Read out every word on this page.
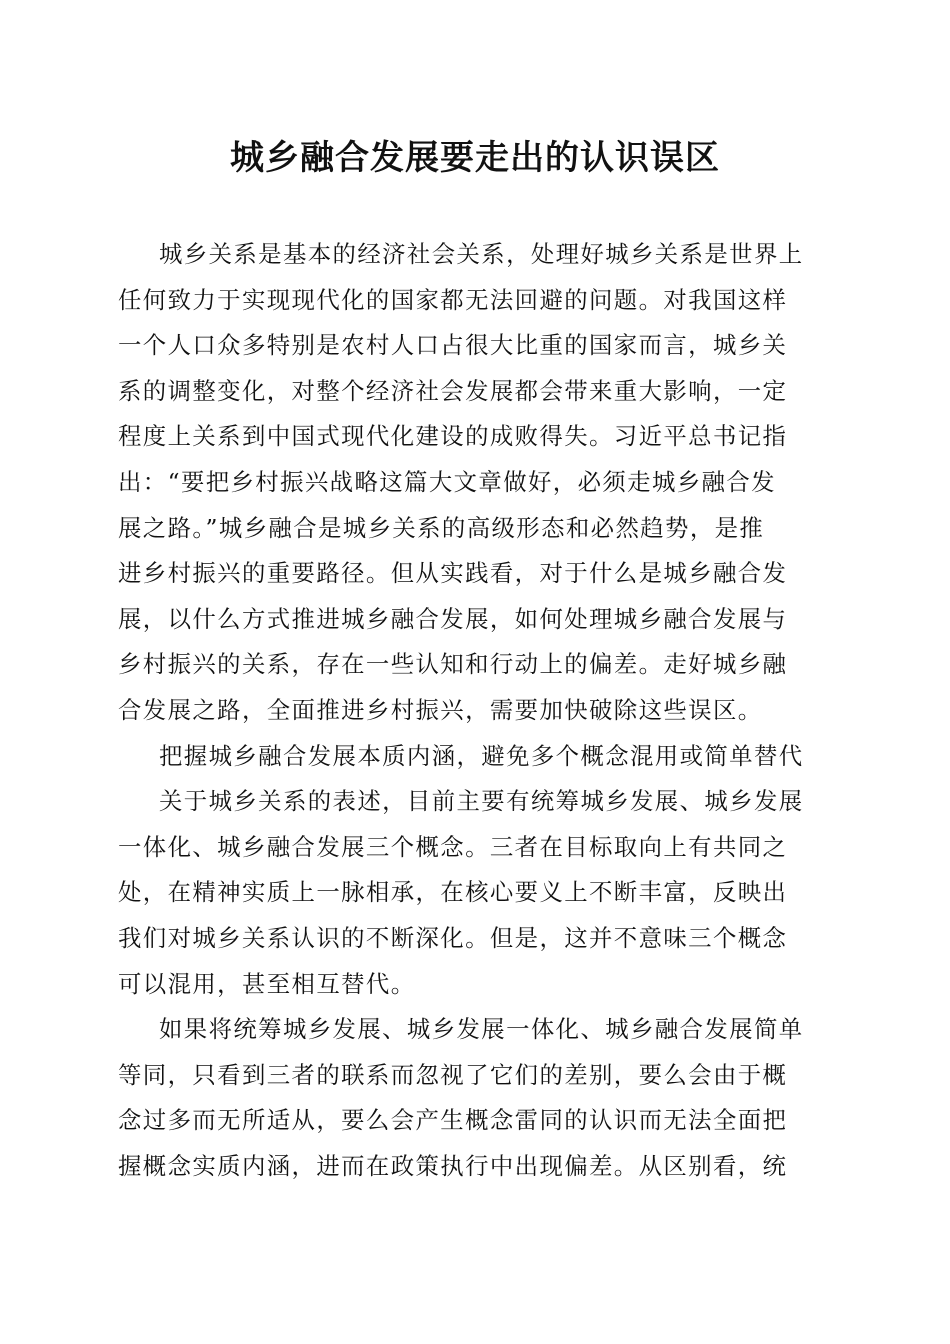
城乡融合发展要走出的认识误区
城乡关系是基本的经济社会关系，处理好城乡关系是世界上
任何致力于实现现代化的国家都无法回避的问题。对我国这样
一个人口众多特别是农村人口占很大比重的国家而言，城乡关
系的调整变化，对整个经济社会发展都会带来重大影响，一定
程度上关系到中国式现代化建设的成败得失。习近平总书记指
出：“要把乡村振兴战略这篇大文章做好，必须走城乡融合发
展之路。”城乡融合是城乡关系的高级形态和必然趋势，是推
进乡村振兴的重要路径。但从实践看，对于什么是城乡融合发
展，以什么方式推进城乡融合发展，如何处理城乡融合发展与
乡村振兴的关系，存在一些认知和行动上的偏差。走好城乡融
合发展之路，全面推进乡村振兴，需要加快破除这些误区。
把握城乡融合发展本质内涵，避免多个概念混用或简单替代
关于城乡关系的表述，目前主要有统筹城乡发展、城乡发展
一体化、城乡融合发展三个概念。三者在目标取向上有共同之
处，在精神实质上一脉相承，在核心要义上不断丰富，反映出
我们对城乡关系认识的不断深化。但是，这并不意味三个概念
可以混用，甚至相互替代。
如果将统筹城乡发展、城乡发展一体化、城乡融合发展简单
等同，只看到三者的联系而忽视了它们的差别，要么会由于概
念过多而无所适从，要么会产生概念雷同的认识而无法全面把
握概念实质内涵，进而在政策执行中出现偏差。从区别看，统
